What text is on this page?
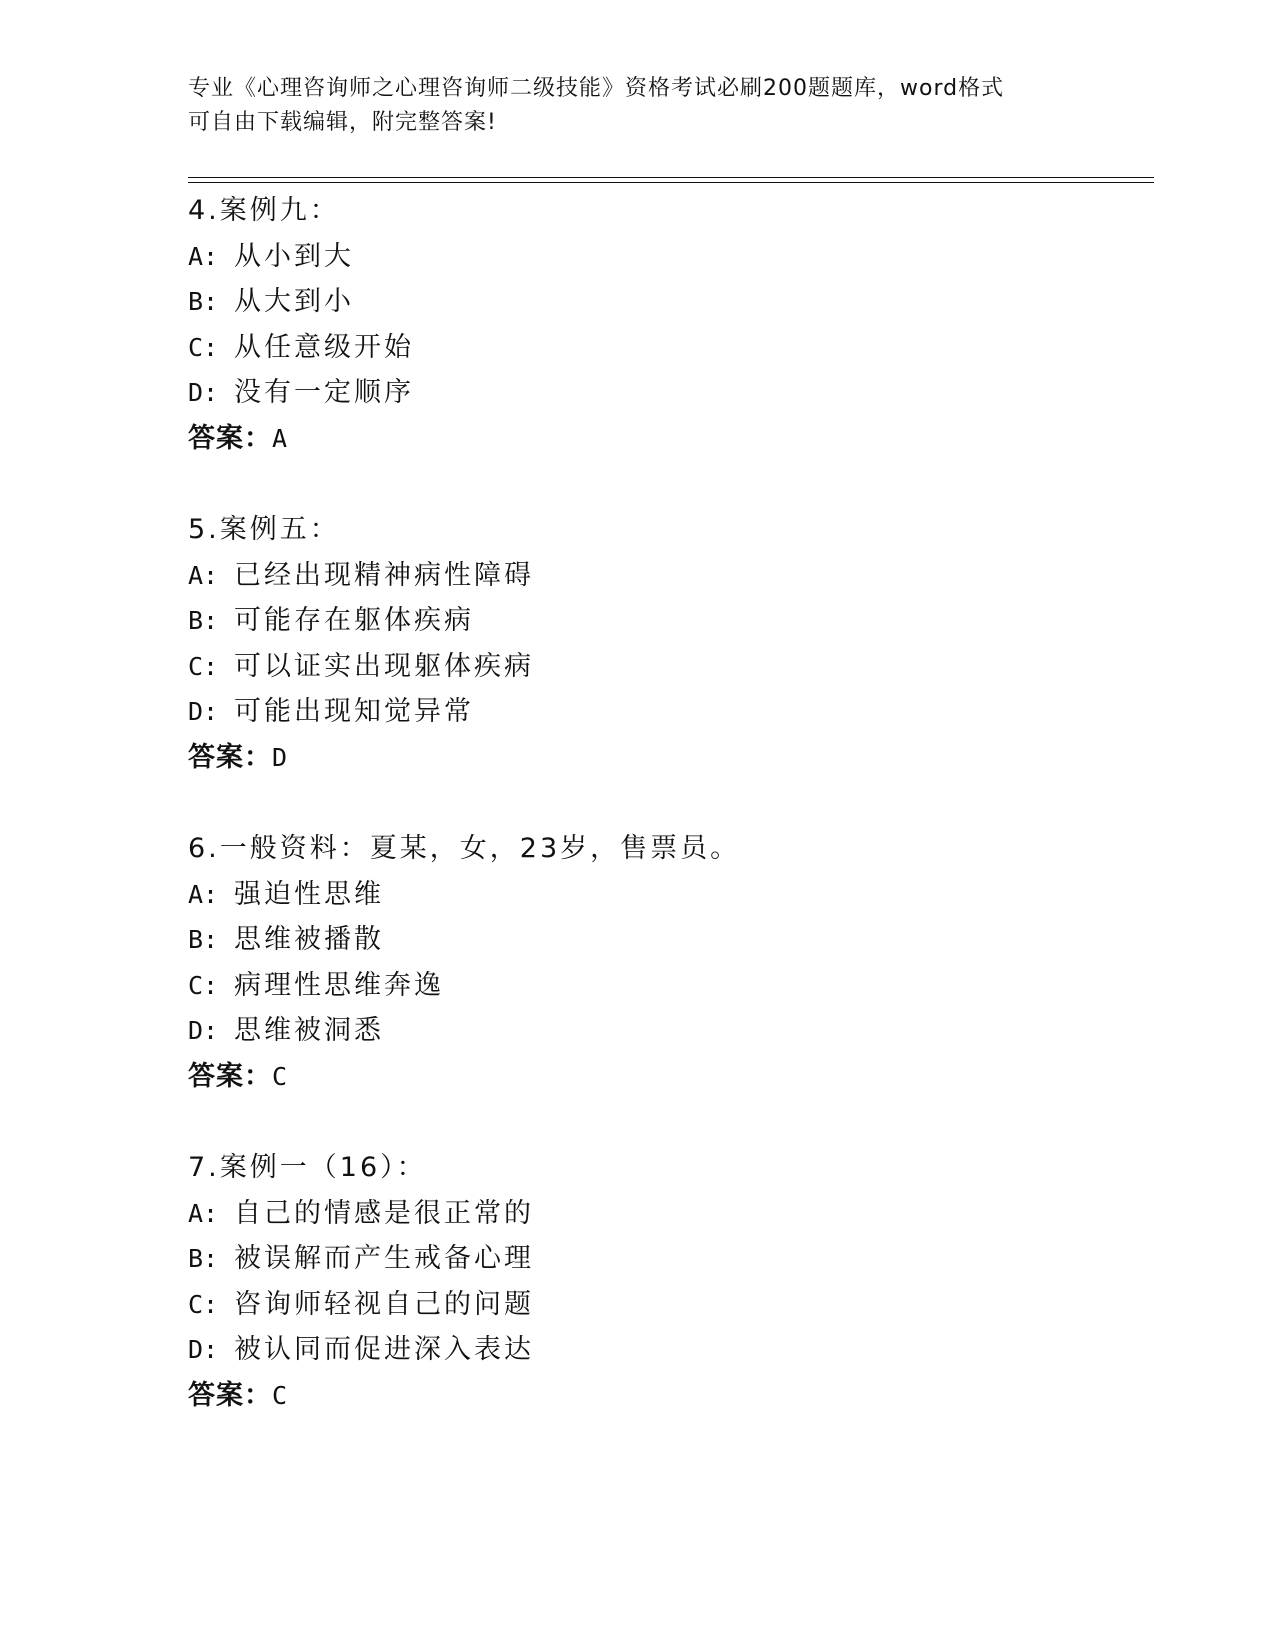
专业《心理咨询师之心理咨询师二级技能》资格考试必刷200题题库，word格式
可自由下载编辑，附完整答案!
4.案例九：
A: 从小到大
B: 从大到小
C: 从任意级开始
D: 没有一定顺序
答案：A
5.案例五：
A: 已经出现精神病性障碍
B: 可能存在躯体疾病
C: 可以证实出现躯体疾病
D: 可能出现知觉异常
答案：D
6.一般资料：夏某，女，23岁，售票员。
A: 强迫性思维
B: 思维被播散
C: 病理性思维奔逸
D: 思维被洞悉
答案：C
7.案例一（16）：
A: 自己的情感是很正常的
B: 被误解而产生戒备心理
C: 咨询师轻视自己的问题
D: 被认同而促进深入表达
答案：C
